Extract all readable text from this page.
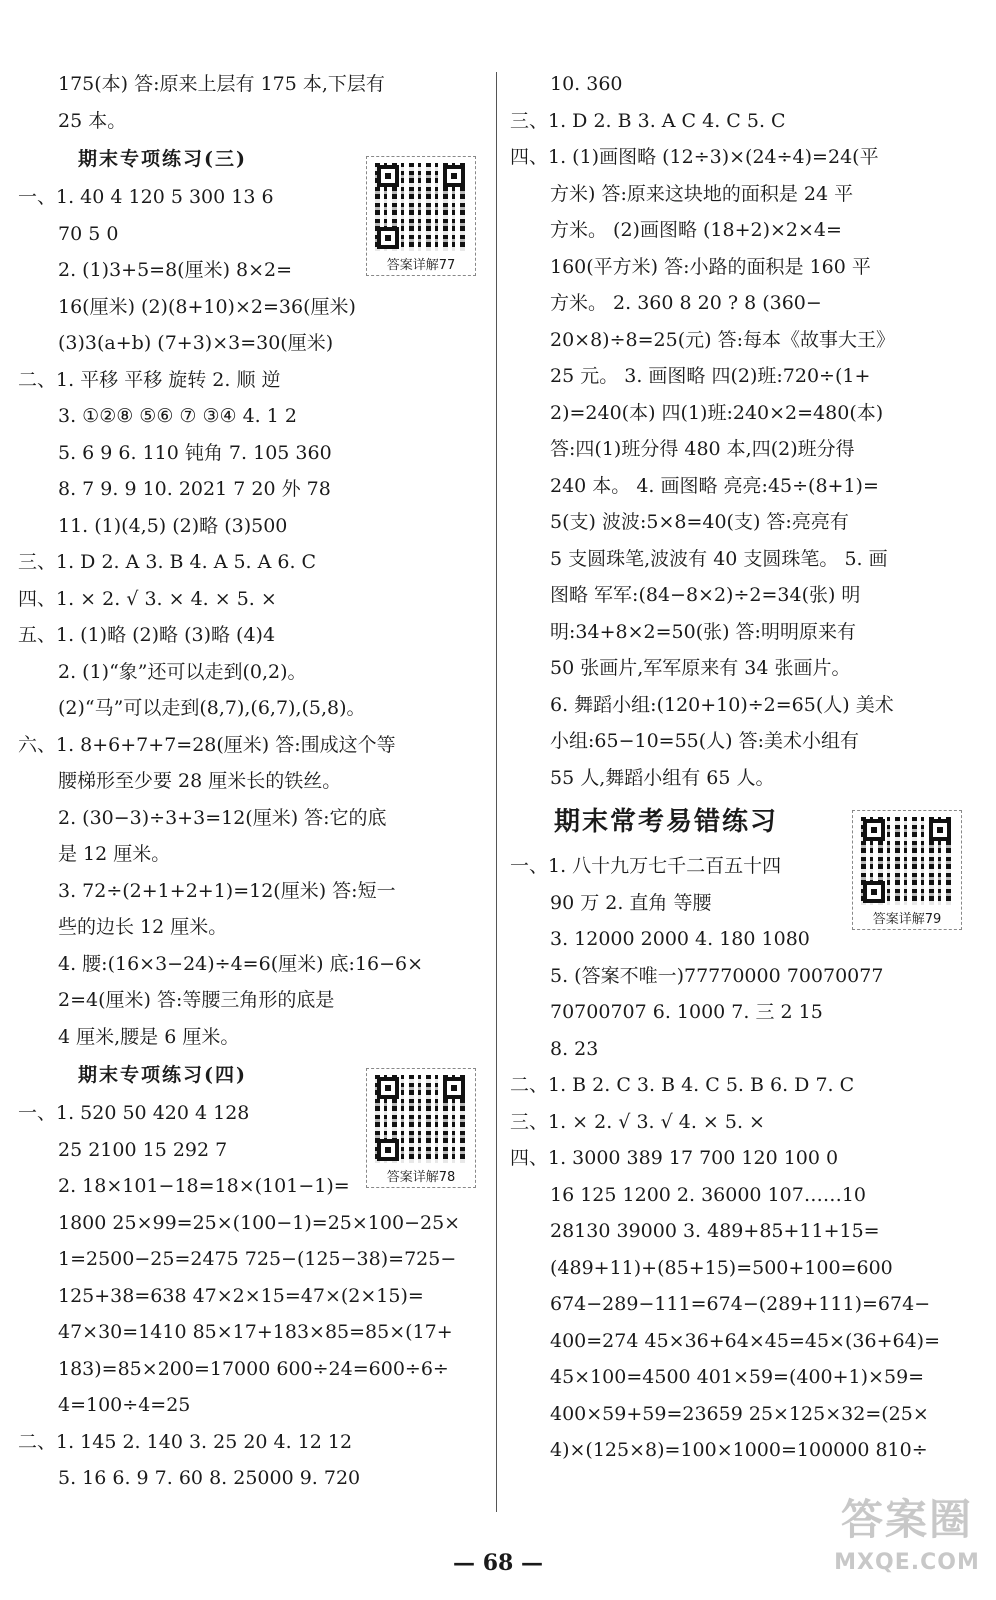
175(本) 答:原来上层有 175 本,下层有
25 本。
期末专项练习(三)
一、1. 40 4 120 5 300 13 6
70 5 0
2. (1)3+5=8(厘米) 8×2=
16(厘米) (2)(8+10)×2=36(厘米)
(3)3(a+b) (7+3)×3=30(厘米)
二、1. 平移 平移 旋转 2. 顺 逆
3. ①②⑧ ⑤⑥ ⑦ ③④ 4. 1 2
5. 6 9 6. 110 钝角 7. 105 360
8. 7 9. 9 10. 2021 7 20 外 78
11. (1)(4,5) (2)略 (3)500
三、1. D 2. A 3. B 4. A 5. A 6. C
四、1. × 2. √ 3. × 4. × 5. ×
五、1. (1)略 (2)略 (3)略 (4)4
2. (1)“象”还可以走到(0,2)。
(2)“马”可以走到(8,7),(6,7),(5,8)。
六、1. 8+6+7+7=28(厘米) 答:围成这个等
腰梯形至少要 28 厘米长的铁丝。
2. (30−3)÷3+3=12(厘米) 答:它的底
是 12 厘米。
3. 72÷(2+1+2+1)=12(厘米) 答:短一
些的边长 12 厘米。
4. 腰:(16×3−24)÷4=6(厘米) 底:16−6×
2=4(厘米) 答:等腰三角形的底是
4 厘米,腰是 6 厘米。
期末专项练习(四)
一、1. 520 50 420 4 128
25 2100 15 292 7
2. 18×101−18=18×(101−1)=
1800 25×99=25×(100−1)=25×100−25×
1=2500−25=2475 725−(125−38)=725−
125+38=638 47×2×15=47×(2×15)=
47×30=1410 85×17+183×85=85×(17+
183)=85×200=17000 600÷24=600÷6÷
4=100÷4=25
二、1. 145 2. 140 3. 25 20 4. 12 12
5. 16 6. 9 7. 60 8. 25000 9. 720
10. 360
三、1. D 2. B 3. A C 4. C 5. C
四、1. (1)画图略 (12÷3)×(24÷4)=24(平
方米) 答:原来这块地的面积是 24 平
方米。 (2)画图略 (18+2)×2×4=
160(平方米) 答:小路的面积是 160 平
方米。 2. 360 8 20 ? 8 (360−
20×8)÷8=25(元) 答:每本《故事大王》
25 元。 3. 画图略 四(2)班:720÷(1+
2)=240(本) 四(1)班:240×2=480(本)
答:四(1)班分得 480 本,四(2)班分得
240 本。 4. 画图略 亮亮:45÷(8+1)=
5(支) 波波:5×8=40(支) 答:亮亮有
5 支圆珠笔,波波有 40 支圆珠笔。 5. 画
图略 军军:(84−8×2)÷2=34(张) 明
明:34+8×2=50(张) 答:明明原来有
50 张画片,军军原来有 34 张画片。
6. 舞蹈小组:(120+10)÷2=65(人) 美术
小组:65−10=55(人) 答:美术小组有
55 人,舞蹈小组有 65 人。
期末常考易错练习
一、1. 八十九万七千二百五十四
90 万 2. 直角 等腰
3. 12000 2000 4. 180 1080
5. (答案不唯一)77770000 70070077
70700707 6. 1000 7. 三 2 15
8. 23
二、1. B 2. C 3. B 4. C 5. B 6. D 7. C
三、1. × 2. √ 3. √ 4. × 5. ×
四、1. 3000 389 17 700 120 100 0
16 125 1200 2. 36000 107……10
28130 39000 3. 489+85+11+15=
(489+11)+(85+15)=500+100=600
674−289−111=674−(289+111)=674−
400=274 45×36+64×45=45×(36+64)=
45×100=4500 401×59=(400+1)×59=
400×59+59=23659 25×125×32=(25×
4)×(125×8)=100×1000=100000 810÷
答案详解77
答案详解78
答案详解79
— 68 —
答案圈
MXQE.COM
